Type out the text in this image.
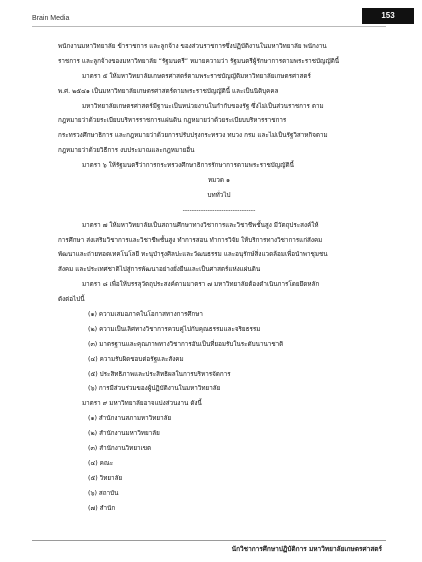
Brain Media	153
พนักงานมหาวิทยาลัย ข้าราชการ และลูกจ้าง ของส่วนราชการซึ่งปฏิบัติงานในมหาวิทยาลัย พนักงาน
ราชการ และลูกจ้างของมหาวิทยาลัย “รัฐมนตรี” หมายความว่า รัฐมนตรีผู้รักษาการตามพระราชบัญญัตินี้
มาตรา ๕ ให้มหาวิทยาลัยเกษตรศาสตร์ตามพระราชบัญญัติมหาวิทยาลัยเกษตรศาสตร์
พ.ศ. ๒๕๔๑ เป็นมหาวิทยาลัยเกษตรศาสตร์ตามพระราชบัญญัตินี้ และเป็นนิติบุคคล
มหาวิทยาลัยเกษตรศาสตร์มีฐานะเป็นหน่วยงานในกำกับของรัฐ ซึ่งไม่เป็นส่วนราชการ ตาม
กฎหมายว่าด้วยระเบียบบริหารราชการแผ่นดิน กฎหมายว่าด้วยระเบียบบริหารราชการ
กระทรวงศึกษาธิการ และกฎหมายว่าด้วยการปรับปรุงกระทรวง ทบวง กรม และไม่เป็นรัฐวิสาหกิจตาม
กฎหมายว่าด้วยวิธีการ งบประมาณและกฎหมายอื่น
มาตรา ๖ ให้รัฐมนตรีว่าการกระทรวงศึกษาธิการรักษาการตามพระราชบัญญัตินี้
หมวด ๑
บททั่วไป
--------------------------------
มาตรา ๗ ให้มหาวิทยาลัยเป็นสถานศึกษาทางวิชาการและวิชาชีพชั้นสูง มีวัตถุประสงค์ให้
การศึกษา ส่งเสริมวิชาการและวิชาชีพชั้นสูง ทำการสอน ทำการวิจัย ให้บริการทางวิชาการแก่สังคม
พัฒนาและถ่ายทอดเทคโนโลยี ทะนุบำรุงศิลปะและวัฒนธรรม และอนุรักษ์สิ่งแวดล้อมเพื่อนำพาชุมชน
สังคม และประเทศชาติไปสู่การพัฒนาอย่างยั่งยืนและเป็นศาสตร์แห่งแผ่นดิน
มาตรา ๘ เพื่อให้บรรลุวัตถุประสงค์ตามมาตรา ๗ มหาวิทยาลัยต้องดำเนินการโดยยึดหลัก
ดังต่อไปนี้
(๑) ความเสมอภาคในโอกาสทางการศึกษา
(๒) ความเป็นเลิศทางวิชาการควบคู่ไปกับคุณธรรมและจริยธรรม
(๓) มาตรฐานและคุณภาพทางวิชาการอันเป็นที่ยอมรับในระดับนานาชาติ
(๔) ความรับผิดชอบต่อรัฐและสังคม
(๕) ประสิทธิภาพและประสิทธิผลในการบริหารจัดการ
(๖) การมีส่วนร่วมของผู้ปฏิบัติงานในมหาวิทยาลัย
มาตรา ๙ มหาวิทยาลัยอาจแบ่งส่วนงาน ดังนี้
(๑) สำนักงานสภามหาวิทยาลัย
(๒) สำนักงานมหาวิทยาลัย
(๓) สำนักงานวิทยาเขต
(๔) คณะ
(๕) วิทยาลัย
(๖) สถาบัน
(๗) สำนัก
นักวิชาการศึกษาปฏิบัติการ มหาวิทยาลัยเกษตรศาสตร์
